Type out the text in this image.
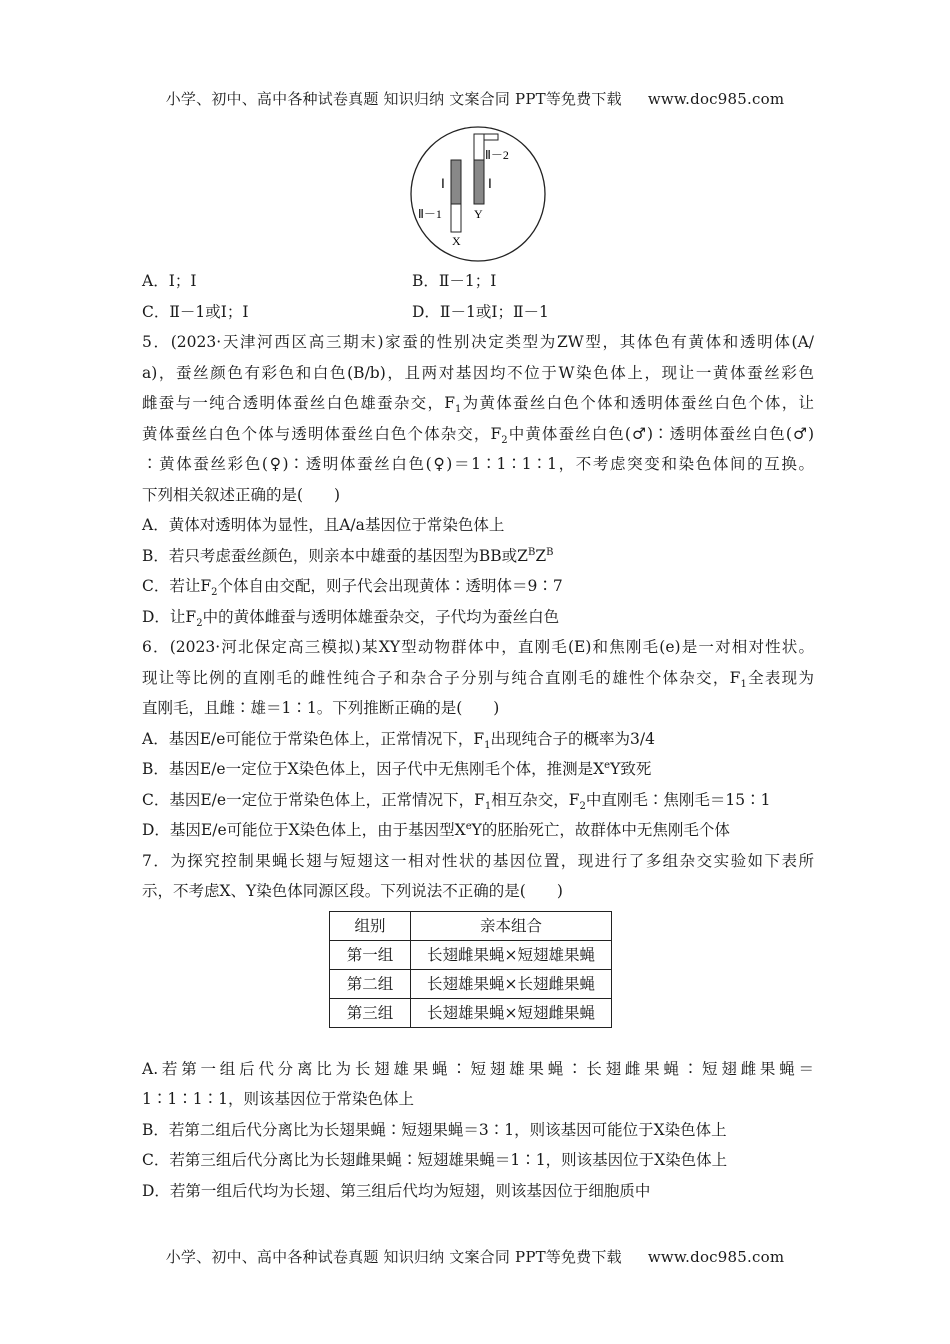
小学、初中、高中各种试卷真题 知识归纳 文案合同 PPT等免费下载 www.doc985.com
Ⅱ－2
Ⅰ	Ⅰ
Ⅱ－1	Y
X
A．Ⅰ；Ⅰ	B．Ⅱ－1；Ⅰ
C．Ⅱ－1或Ⅰ；Ⅰ	D．Ⅱ－1或Ⅰ；Ⅱ－1
5．(2023·天津河西区高三期末)家蚕的性别决定类型为ZW型，其体色有黄体和透明体(A/
a)，蚕丝颜色有彩色和白色(B/b)，且两对基因均不位于W染色体上，现让一黄体蚕丝彩色
雌蚕与一纯合透明体蚕丝白色雄蚕杂交，$F_1$为黄体蚕丝白色个体和透明体蚕丝白色个体，让
黄体蚕丝白色个体与透明体蚕丝白色个体杂交，$F_2$中黄体蚕丝白色(♂)∶透明体蚕丝白色(♂)
∶黄体蚕丝彩色(♀)∶透明体蚕丝白色(♀)＝1∶1∶1∶1，不考虑突变和染色体间的互换。
下列相关叙述正确的是(　　)
A．黄体对透明体为显性，且A/a基因位于常染色体上
B．若只考虑蚕丝颜色，则亲本中雄蚕的基因型为BB或$Z^BZ^B$
C．若让$F_2$个体自由交配，则子代会出现黄体∶透明体＝9∶7
D．让$F_2$中的黄体雌蚕与透明体雄蚕杂交，子代均为蚕丝白色
6．(2023·河北保定高三模拟)某XY型动物群体中，直刚毛(E)和焦刚毛(e)是一对相对性状。
现让等比例的直刚毛的雌性纯合子和杂合子分别与纯合直刚毛的雄性个体杂交，$F_1$全表现为
直刚毛，且雌∶雄＝1∶1。下列推断正确的是(　　)
A．基因E/e可能位于常染色体上，正常情况下，$F_1$出现纯合子的概率为3/4
B．基因E/e一定位于X染色体上，因子代中无焦刚毛个体，推测是XeY致死
C．基因E/e一定位于常染色体上，正常情况下，$F_1$相互杂交，$F_2$中直刚毛∶焦刚毛＝15∶1
D．基因E/e可能位于X染色体上，由于基因型XeY的胚胎死亡，故群体中无焦刚毛个体
7．为探究控制果蝇长翅与短翅这一相对性状的基因位置，现进行了多组杂交实验如下表所
示，不考虑X、Y染色体同源区段。下列说法不正确的是(　　)
组别	亲本组合
第一组	长翅雌果蝇×短翅雄果蝇
第二组	长翅雄果蝇×长翅雌果蝇
第三组	长翅雄果蝇×短翅雌果蝇
A.若第一组后代分离比为长翅雄果蝇∶短翅雄果蝇∶长翅雌果蝇∶短翅雌果蝇＝
1∶1∶1∶1，则该基因位于常染色体上
B．若第二组后代分离比为长翅果蝇∶短翅果蝇＝3∶1，则该基因可能位于X染色体上
C．若第三组后代分离比为长翅雌果蝇∶短翅雄果蝇＝1∶1，则该基因位于X染色体上
D．若第一组后代均为长翅、第三组后代均为短翅，则该基因位于细胞质中
小学、初中、高中各种试卷真题 知识归纳 文案合同 PPT等免费下载 www.doc985.com
